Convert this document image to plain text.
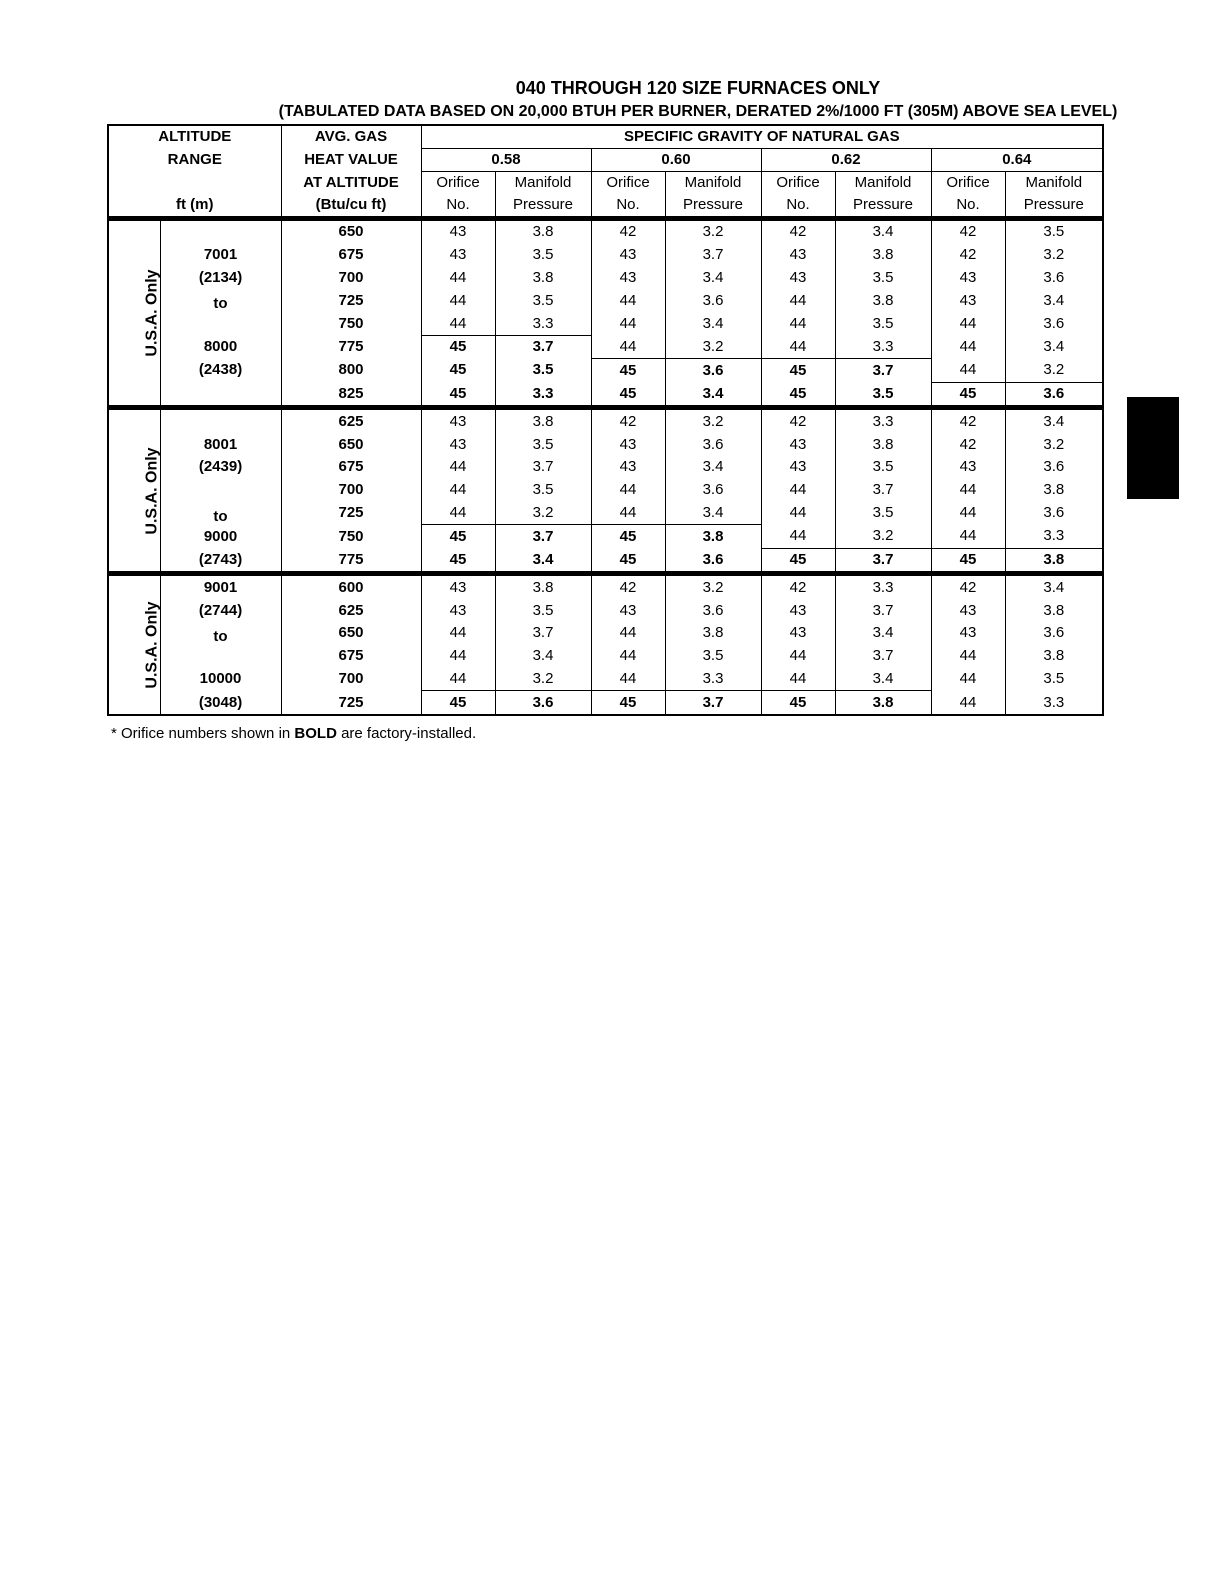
040 THROUGH 120 SIZE FURNACES ONLY
(TABULATED DATA BASED ON 20,000 BTUH PER BURNER, DERATED 2%/1000 FT (305M) ABOVE SEA LEVEL)
ALTITUDE		AVG. GAS	SPECIFIC GRAVITY OF NATURAL GAS							
RANGE		HEAT VALUE	0.58		0.60		0.62		0.64	
		AT ALTITUDE	Orifice	Manifold	Orifice	Manifold	Orifice	Manifold	Orifice	Manifold
ft (m)		(Btu/cu ft)	No.	Pressure	No.	Pressure	No.	Pressure	No.	Pressure
U.S.A. Only		650	43	3.8	42	3.2	42	3.4	42	3.5
	7001	675	43	3.5	43	3.7	43	3.8	42	3.2
	(2134)	700	44	3.8	43	3.4	43	3.5	43	3.6
	to	725	44	3.5	44	3.6	44	3.8	43	3.4
		750	44	3.3	44	3.4	44	3.5	44	3.6
	8000	775	45	3.7	44	3.2	44	3.3	44	3.4
	(2438)	800	45	3.5	45	3.6	45	3.7	44	3.2
		825	45	3.3	45	3.4	45	3.5	45	3.6
U.S.A. Only		625	43	3.8	42	3.2	42	3.3	42	3.4
	8001	650	43	3.5	43	3.6	43	3.8	42	3.2
	(2439)	675	44	3.7	43	3.4	43	3.5	43	3.6
		700	44	3.5	44	3.6	44	3.7	44	3.8
	to	725	44	3.2	44	3.4	44	3.5	44	3.6
	9000	750	45	3.7	45	3.8	44	3.2	44	3.3
	(2743)	775	45	3.4	45	3.6	45	3.7	45	3.8
U.S.A. Only	9001	600	43	3.8	42	3.2	42	3.3	42	3.4
	(2744)	625	43	3.5	43	3.6	43	3.7	43	3.8
	to	650	44	3.7	44	3.8	43	3.4	43	3.6
		675	44	3.4	44	3.5	44	3.7	44	3.8
	10000	700	44	3.2	44	3.3	44	3.4	44	3.5
	(3048)	725	45	3.6	45	3.7	45	3.8	44	3.3
* Orifice numbers shown in BOLD are factory-installed.
